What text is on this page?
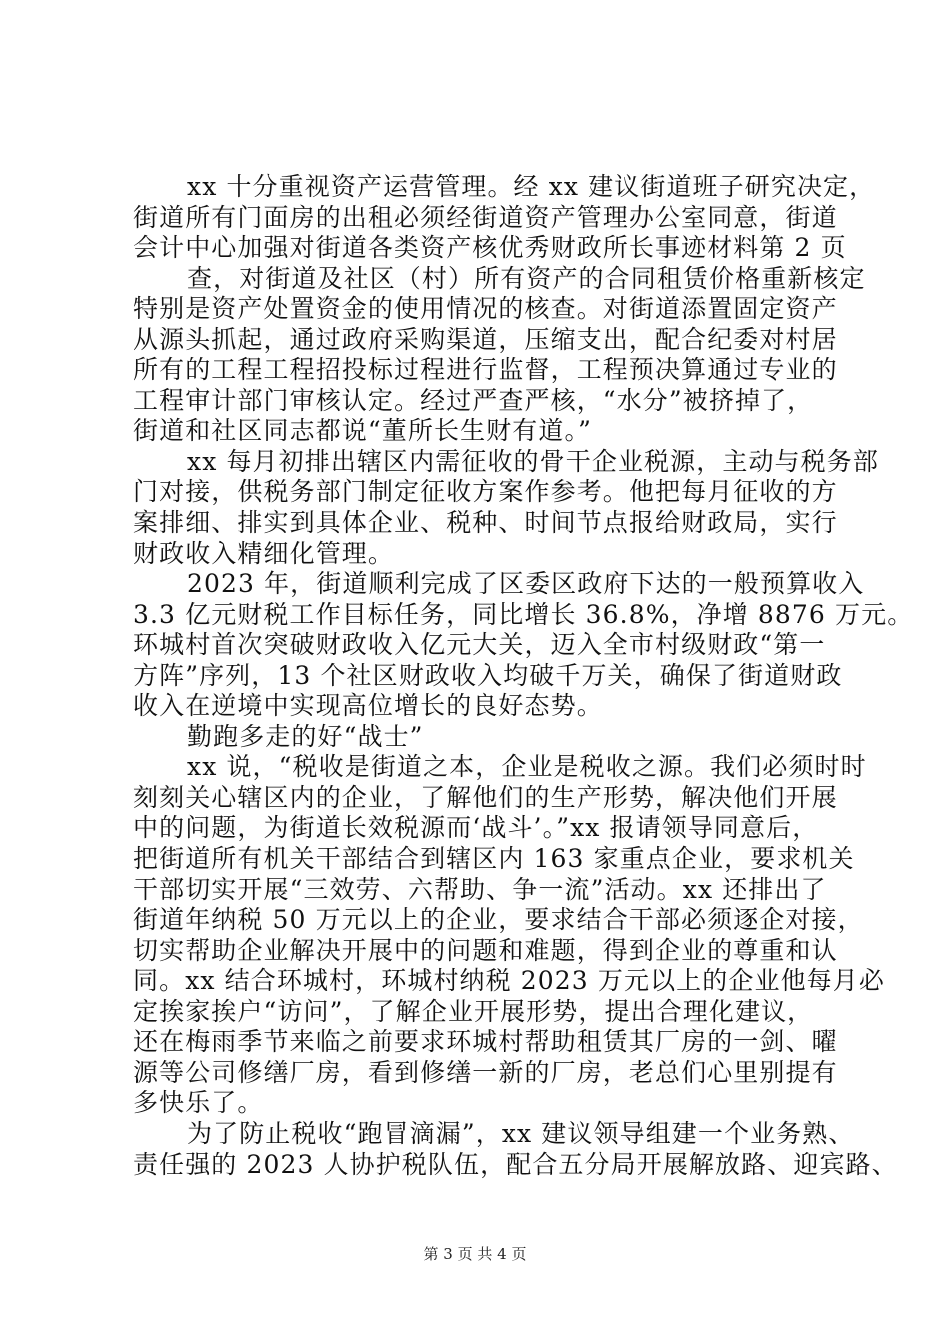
xx 十分重视资产运营管理。经 xx 建议街道班子研究决定，
街道所有门面房的出租必须经街道资产管理办公室同意，街道
会计中心加强对街道各类资产核优秀财政所长事迹材料第 2 页
查，对街道及社区（村）所有资产的合同租赁价格重新核定
特别是资产处置资金的使用情况的核查。对街道添置固定资产
从源头抓起，通过政府采购渠道，压缩支出，配合纪委对村居
所有的工程工程招投标过程进行监督，工程预决算通过专业的
工程审计部门审核认定。经过严查严核，“水分”被挤掉了，
街道和社区同志都说“董所长生财有道。”
xx 每月初排出辖区内需征收的骨干企业税源，主动与税务部
门对接，供税务部门制定征收方案作参考。他把每月征收的方
案排细、排实到具体企业、税种、时间节点报给财政局，实行
财政收入精细化管理。
2023 年，街道顺利完成了区委区政府下达的一般预算收入
3.3 亿元财税工作目标任务，同比增长 36.8%，净增 8876 万元。
环城村首次突破财政收入亿元大关，迈入全市村级财政“第一
方阵”序列，13 个社区财政收入均破千万关，确保了街道财政
收入在逆境中实现高位增长的良好态势。
勤跑多走的好“战士”
xx 说，“税收是街道之本，企业是税收之源。我们必须时时
刻刻关心辖区内的企业，了解他们的生产形势，解决他们开展
中的问题，为街道长效税源而‘战斗’。”xx 报请领导同意后，
把街道所有机关干部结合到辖区内 163 家重点企业，要求机关
干部切实开展“三效劳、六帮助、争一流”活动。xx 还排出了
街道年纳税 50 万元以上的企业，要求结合干部必须逐企对接，
切实帮助企业解决开展中的问题和难题，得到企业的尊重和认
同。xx 结合环城村，环城村纳税 2023 万元以上的企业他每月必
定挨家挨户“访问”，了解企业开展形势，提出合理化建议，
还在梅雨季节来临之前要求环城村帮助租赁其厂房的一剑、曜
源等公司修缮厂房，看到修缮一新的厂房，老总们心里别提有
多快乐了。
为了防止税收“跑冒滴漏”，xx 建议领导组建一个业务熟、
责任强的 2023 人协护税队伍，配合五分局开展解放路、迎宾路、
第 3 页 共 4 页
